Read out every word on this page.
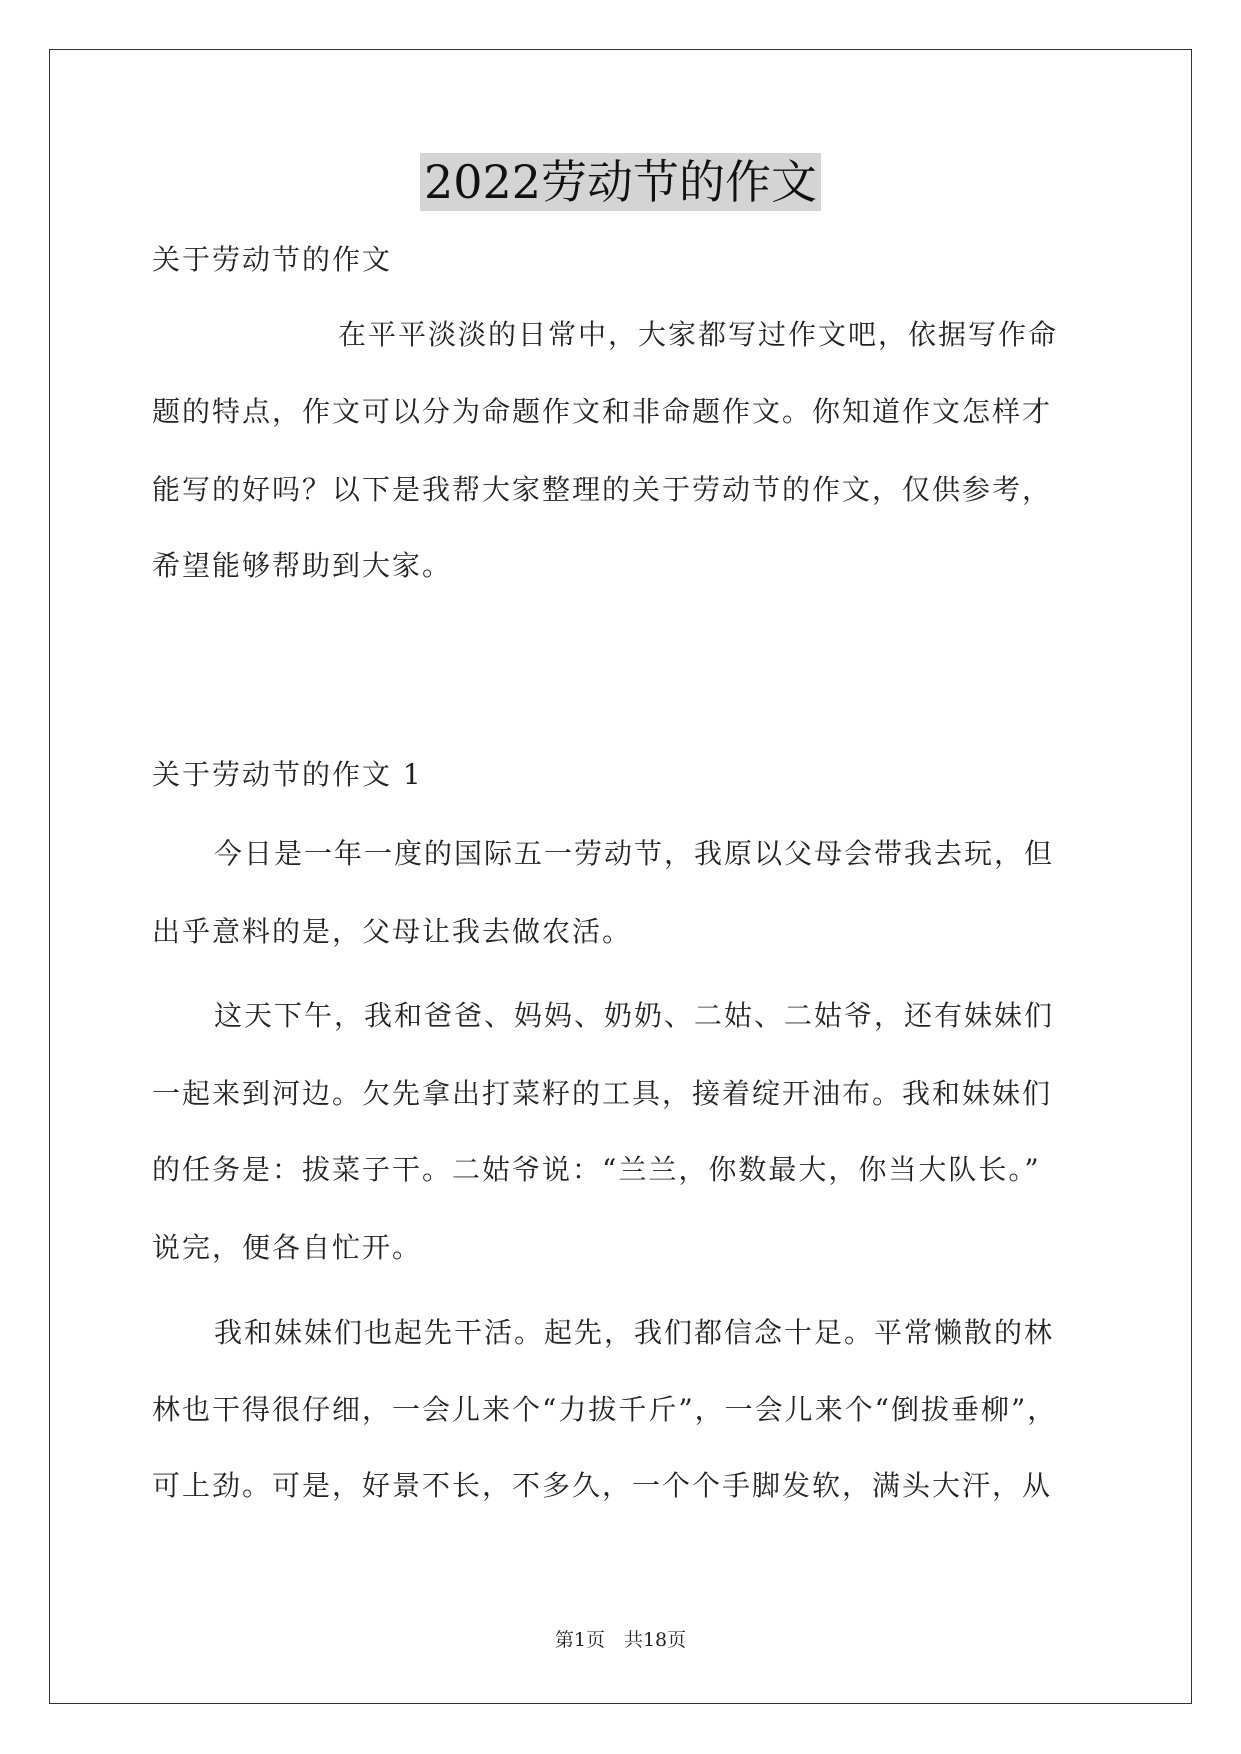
2022劳动节的作文
关于劳动节的作文
在平平淡淡的日常中，大家都写过作文吧，依据写作命
题的特点，作文可以分为命题作文和非命题作文。你知道作文怎样才
能写的好吗？以下是我帮大家整理的关于劳动节的作文，仅供参考，
希望能够帮助到大家。
关于劳动节的作文 1
今日是一年一度的国际五一劳动节，我原以父母会带我去玩，但
出乎意料的是，父母让我去做农活。
这天下午，我和爸爸、妈妈、奶奶、二姑、二姑爷，还有妹妹们
一起来到河边。欠先拿出打菜籽的工具，接着绽开油布。我和妹妹们
的任务是：拔菜子干。二姑爷说：“兰兰，你数最大，你当大队长。”
说完，便各自忙开。
我和妹妹们也起先干活。起先，我们都信念十足。平常懒散的林
林也干得很仔细，一会儿来个“力拔千斤”，一会儿来个“倒拔垂柳”，
可上劲。可是，好景不长，不多久，一个个手脚发软，满头大汗，从
第1页　共18页
